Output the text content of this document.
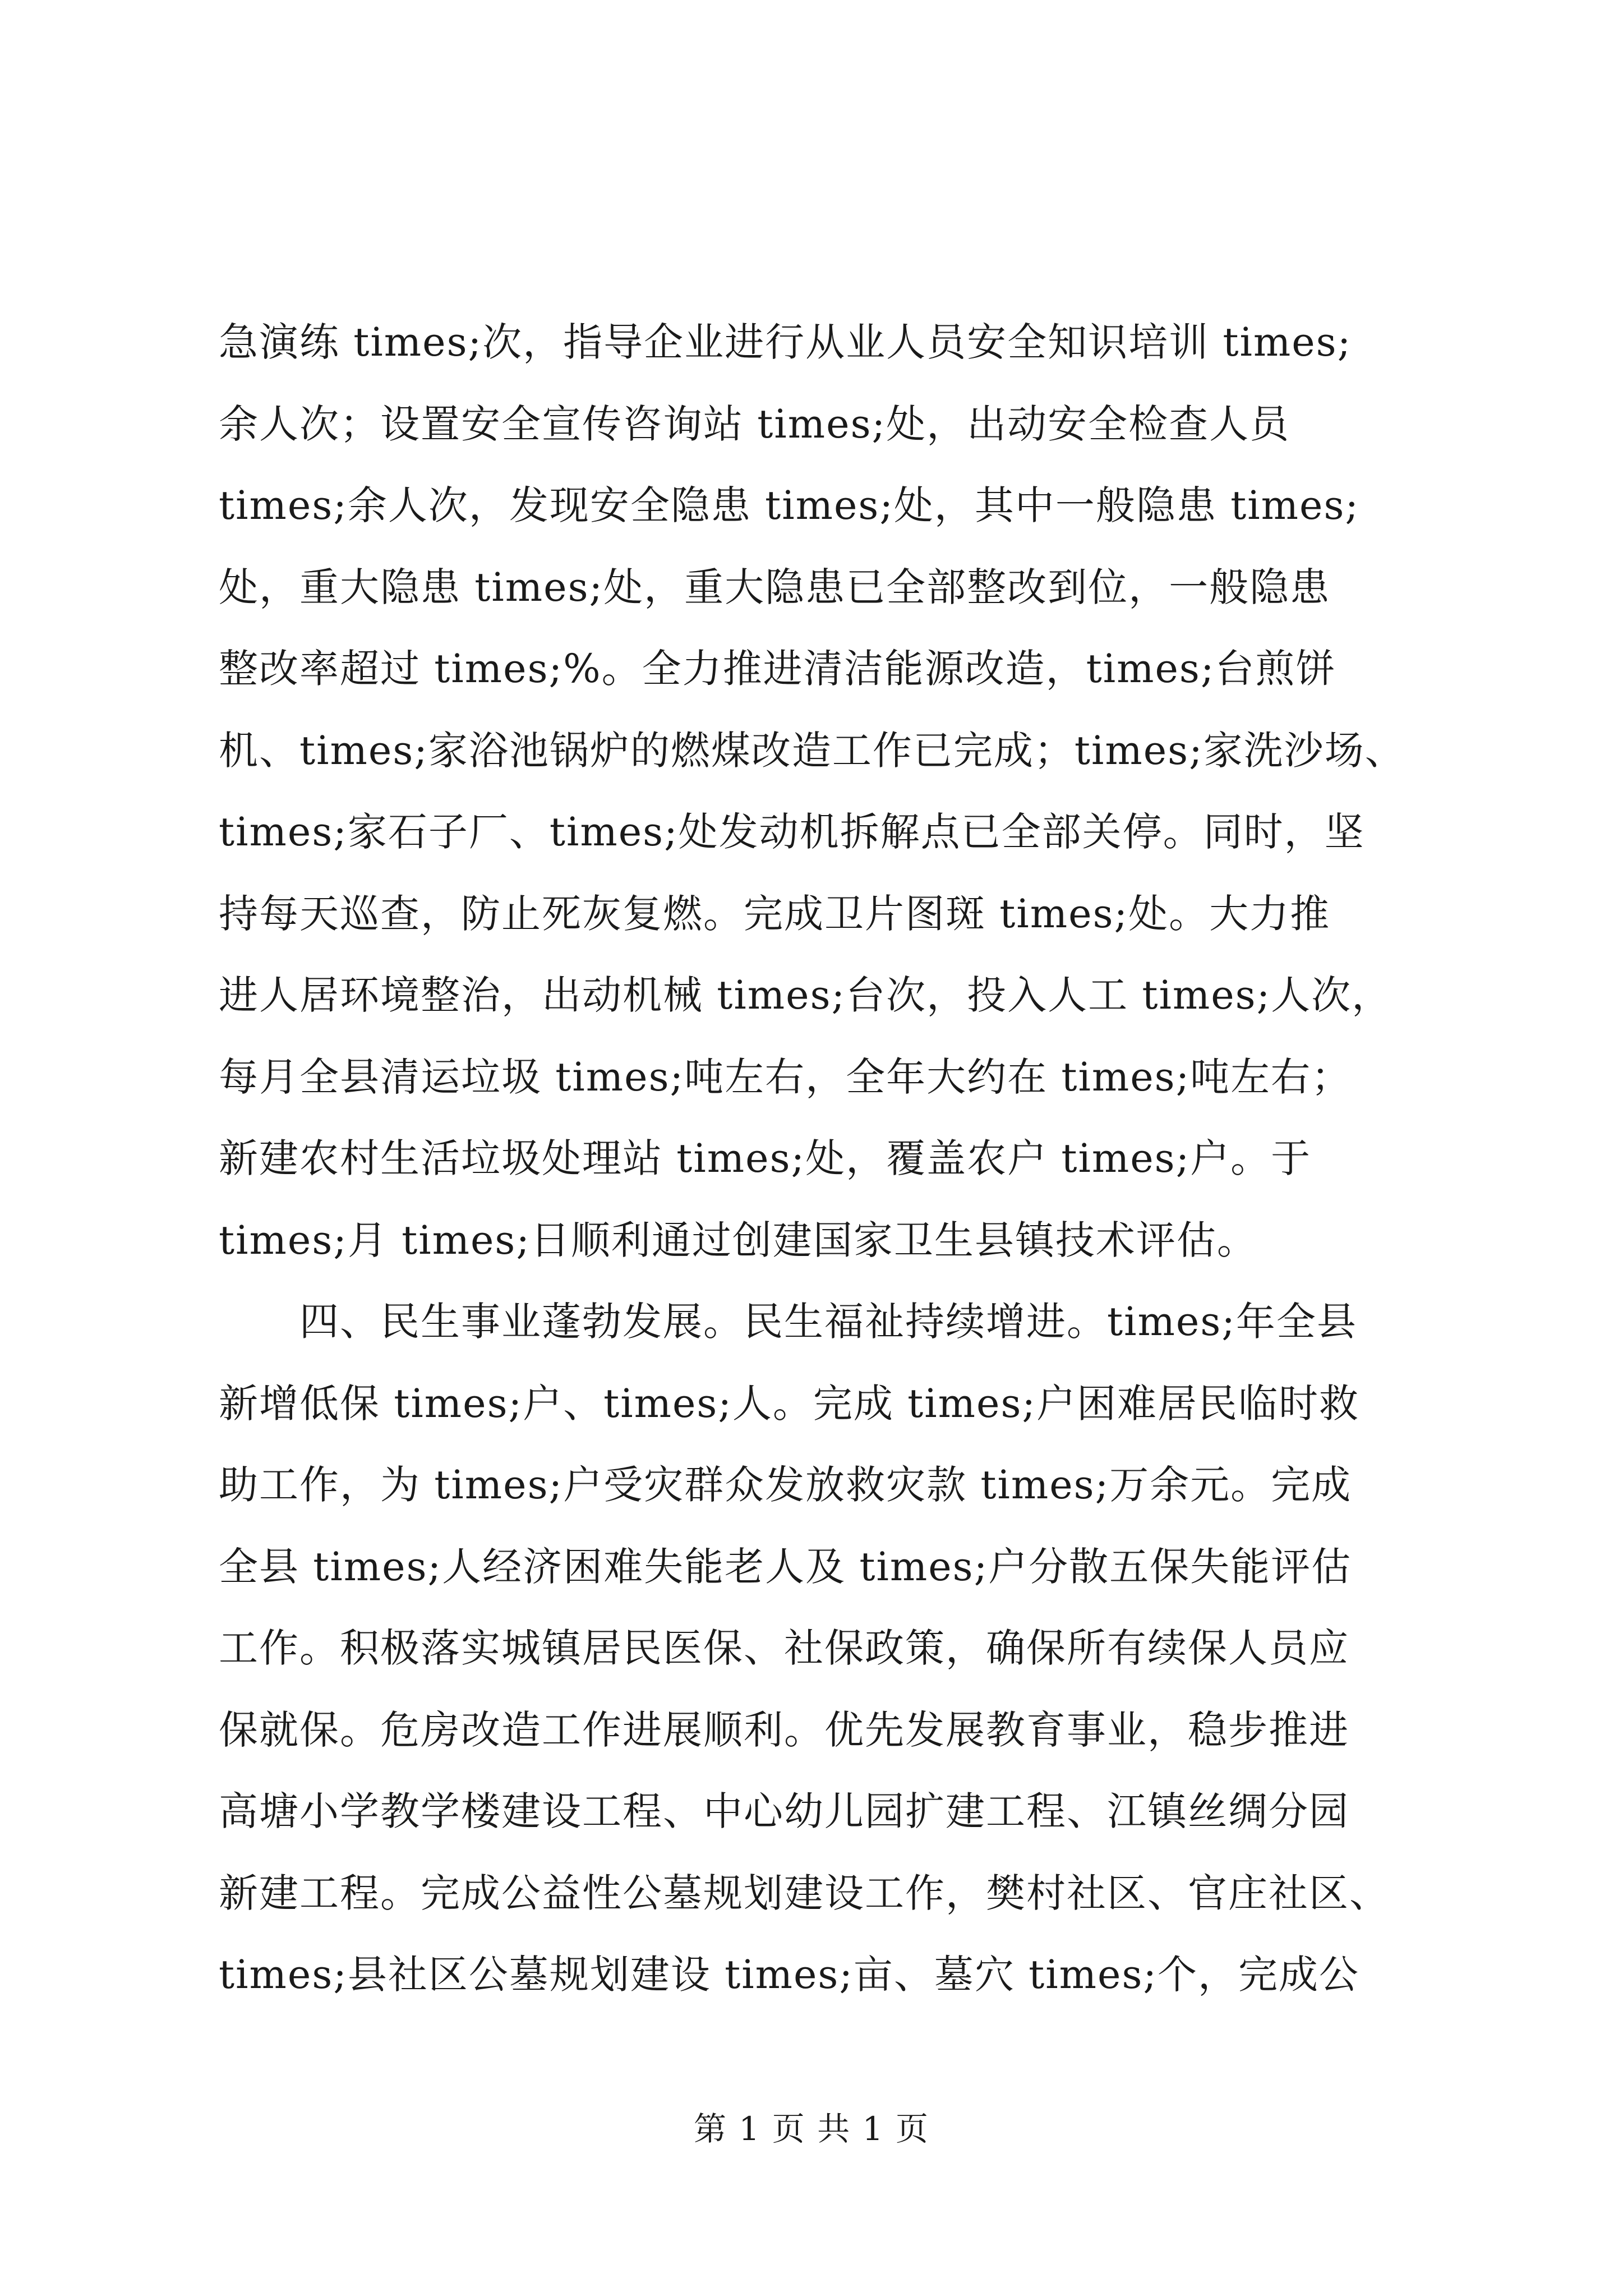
急演练 times;次，指导企业进行从业人员安全知识培训 times;
余人次；设置安全宣传咨询站 times;处，出动安全检查人员
times;余人次，发现安全隐患 times;处，其中一般隐患 times;
处，重大隐患 times;处，重大隐患已全部整改到位，一般隐患
整改率超过 times;%。全力推进清洁能源改造，times;台煎饼
机、times;家浴池锅炉的燃煤改造工作已完成；times;家洗沙场、
times;家石子厂、times;处发动机拆解点已全部关停。同时，坚
持每天巡查，防止死灰复燃。完成卫片图斑 times;处。大力推
进人居环境整治，出动机械 times;台次，投入人工 times;人次，
每月全县清运垃圾 times;吨左右，全年大约在 times;吨左右；
新建农村生活垃圾处理站 times;处，覆盖农户 times;户。于
times;月 times;日顺利通过创建国家卫生县镇技术评估。
　　四、民生事业蓬勃发展。民生福祉持续增进。times;年全县
新增低保 times;户、times;人。完成 times;户困难居民临时救
助工作，为 times;户受灾群众发放救灾款 times;万余元。完成
全县 times;人经济困难失能老人及 times;户分散五保失能评估
工作。积极落实城镇居民医保、社保政策，确保所有续保人员应
保就保。危房改造工作进展顺利。优先发展教育事业，稳步推进
高塘小学教学楼建设工程、中心幼儿园扩建工程、江镇丝绸分园
新建工程。完成公益性公墓规划建设工作，樊村社区、官庄社区、
times;县社区公墓规划建设 times;亩、墓穴 times;个，完成公
第 1 页 共 1 页
